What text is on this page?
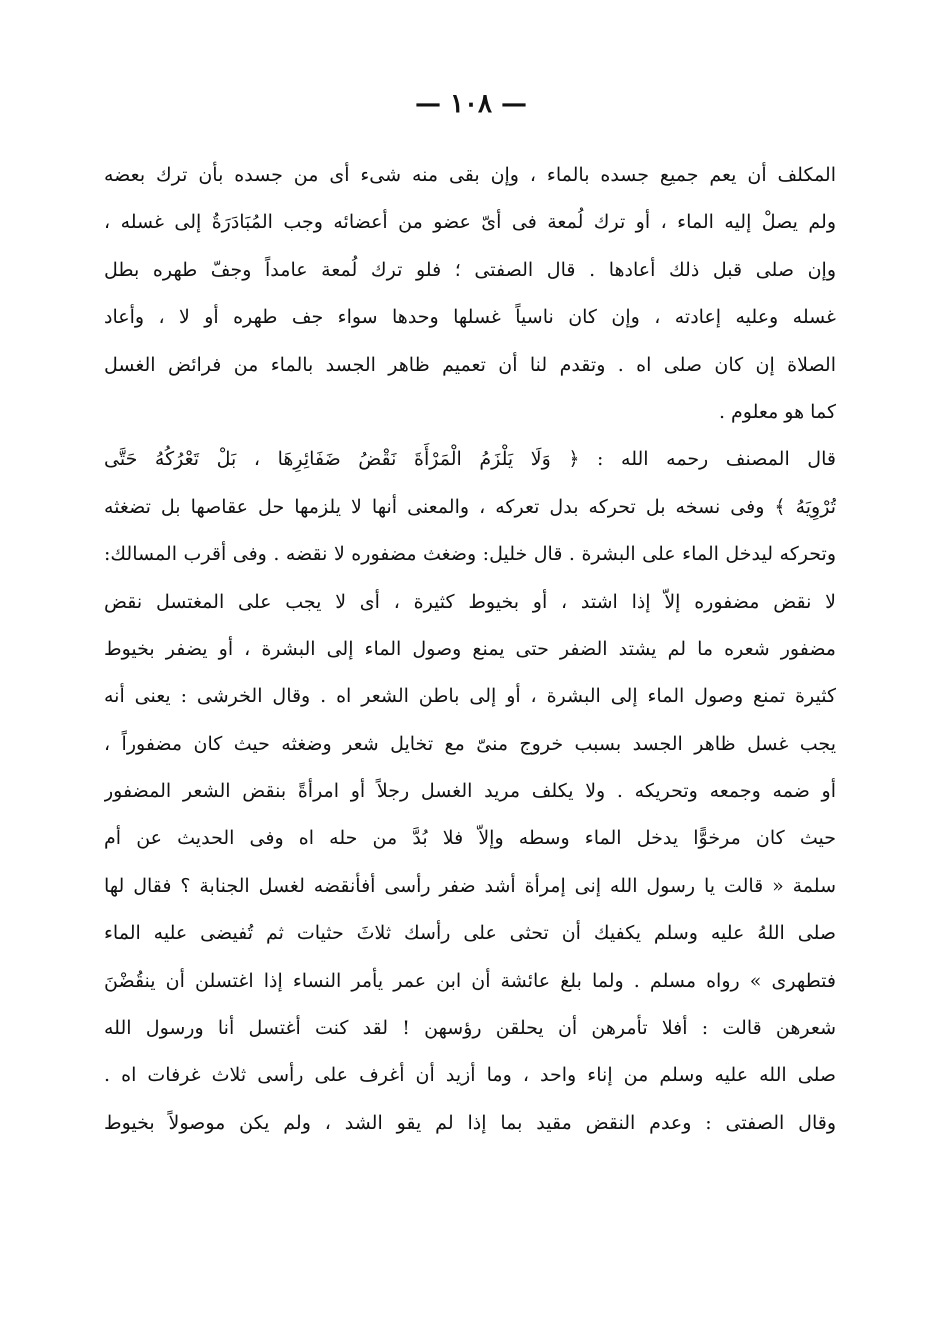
— ١٠٨ —
المكلف أن يعم جميع جسده بالماء ، وإن بقى منه شىء أى من جسده بأن ترك بعضه
ولم يصلْ إليه الماء ، أو ترك لُمعة فى أىّ عضو من أعضائه وجب المُبَادَرَةُ إلى غسله ،
وإن صلى قبل ذلك أعادها . قال الصفتى ؛ فلو ترك لُمعة عامداً وجفّ طهره بطل
غسله وعليه إعادته ، وإن كان ناسياً غسلها وحدها سواء جف طهره أو لا ، وأعاد
الصلاة إن كان صلى اه . وتقدم لنا أن تعميم ظاهر الجسد بالماء من فرائض الغسل
كما هو معلوم .
قال المصنف رحمه الله : ﴿ وَلَا يَلْزَمُ الْمَرْأَةَ نَقْضُ ضَفَائِرِهَا ، بَلْ تَعْرُكُهُ حَتَّى
تُرْوِيَهُ ﴾ وفى نسخه بل تحركه بدل تعركه ، والمعنى أنها لا يلزمها حل عقاصها بل تضغثه
وتحركه ليدخل الماء على البشرة . قال خليل: وضغث مضفوره لا نقضه . وفى أقرب المسالك:
لا نقض مضفوره إلاّ إذا اشتد ، أو بخيوط كثيرة ، أى لا يجب على المغتسل نقض
مضفور شعره ما لم يشتد الضفر حتى يمنع وصول الماء إلى البشرة ، أو يضفر بخيوط
كثيرة تمنع وصول الماء إلى البشرة ، أو إلى باطن الشعر اه . وقال الخرشى : يعنى أنه
يجب غسل ظاهر الجسد بسبب خروج منىّ مع تخايل شعر وضغثه حيث كان مضفوراً ،
أو ضمه وجمعه وتحريكه . ولا يكلف مريد الغسل رجلاً أو امرأةً بنقض الشعر المضفور
حيث كان مرخوًّا يدخل الماء وسطه وإلاّ فلا بُدَّ من حله اه وفى الحديث عن أم
سلمة « قالت يا رسول الله إنى إمرأة أشد ضفر رأسى أفأنقضه لغسل الجنابة ؟ فقال لها
صلى اللهُ عليه وسلم يكفيك أن تحثى على رأسك ثلاثَ حثيات ثم تُفيضى عليه الماء
فتطهرى » رواه مسلم . ولما بلغ عائشة أن ابن عمر يأمر النساء إذا اغتسلن أن ينقُضْنَ
شعرهن قالت : أفلا تأمرهن أن يحلقن رؤسهن ! لقد كنت أغتسل أنا ورسول الله
صلى الله عليه وسلم من إناء واحد ، وما أزيد أن أغرف على رأسى ثلاث غرفات اه .
وقال الصفتى : وعدم النقض مقيد بما إذا لم يقو الشد ، ولم يكن موصولاً بخيوط
